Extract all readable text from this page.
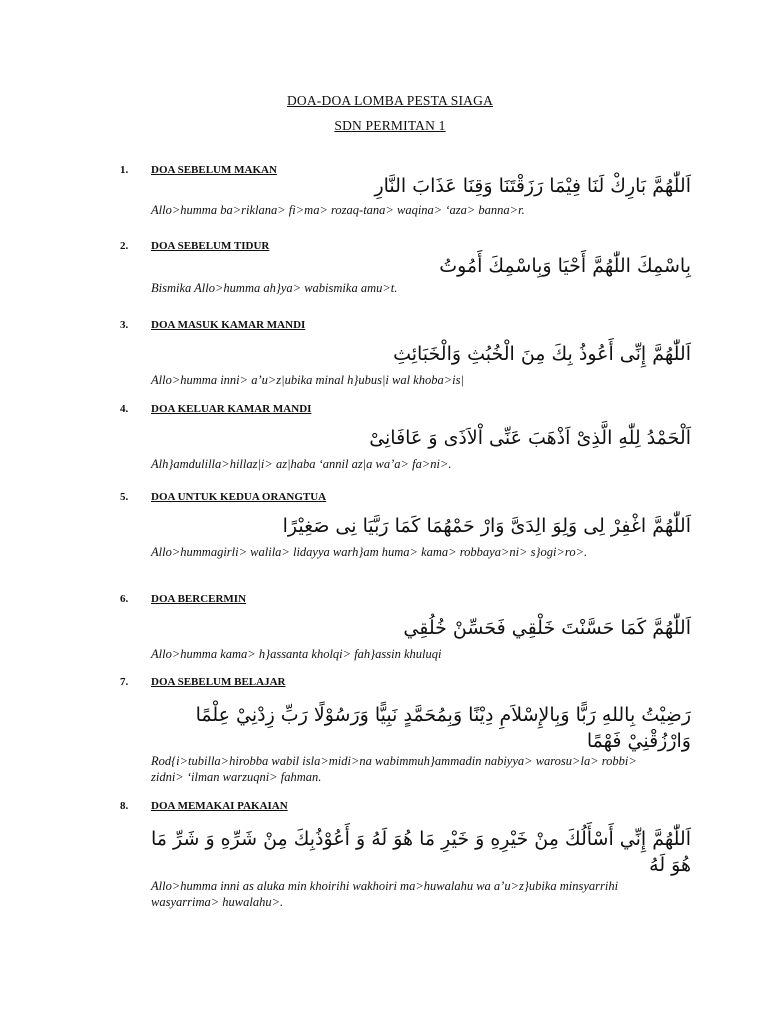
DOA-DOA LOMBA PESTA SIAGA
SDN PERMITAN 1
1. DOA SEBELUM MAKAN
اَللّٰهُمَّ بَارِكْ لَنَا فِيْمَا رَزَقْتَنَا وَقِنَا عَذَابَ النَّارِ
Allo>humma ba>riklana> fi>ma> rozaq-tana> waqina> ‘aza> banna>r.
2. DOA SEBELUM TIDUR
بِاسْمِكَ اللّٰهُمَّ أَحْيَا وَبِاسْمِكَ أَمُوتُ
Bismika Allo>humma ah}ya> wabismika amu>t.
3. DOA MASUK KAMAR MANDI
اَللّٰهُمَّ إِنِّى أَعُوذُ بِكَ مِنَ الْخُبُثِ وَالْخَبَائِثِ
Allo>humma inni> a’u>z|ubika minal h}ubus|i wal khoba>is|
4. DOA KELUAR KAMAR MANDI
اَلْحَمْدُ لِلّٰهِ الَّذِىْ اَذْهَبَ عَنِّى اْلاَذَى وَ عَافَانِىْ
Alh}amdulilla>hillaz|i> az|haba ‘annil az|a wa’a> fa>ni>.
5. DOA UNTUK KEDUA ORANGTUA
اَللّٰهُمَّ اغْفِرْ لِى وَلِوَ الِدَىَّ وَارْ حَمْهُمَا كَمَا رَبَّيَا نِى صَغِيْرًا
Allo>hummagirli> walila> lidayya warh}am huma> kama> robbaya>ni> s}ogi>ro>.
6. DOA BERCERMIN
اَللّٰهُمَّ كَمَا حَسَّنْتَ خَلْقِي فَحَسِّنْ خُلُقِي
Allo>humma kama> h}assanta kholqi> fah}assin khuluqi
7. DOA SEBELUM BELAJAR
رَضِيْتُ بِاللهِ رَبًّا وَبِالإِسْلاَمِ دِيْنًا وَبِمُحَمَّدٍ نَبِيًّا وَرَسُوْلًا رَبِّ زِدْنِيْ عِلْمًا وَارْزُقْنِيْ فَهْمًا
Rod{i>tubilla>hirobba wabil isla>midi>na wabimmuh}ammadin nabiyya> warosu>la> robbi> zidni> ‘ilman warzuqni> fahman.
8. DOA MEMAKAI PAKAIAN
اَللّٰهُمَّ إِنِّي أَسْأَلُكَ مِنْ خَيْرِهِ وَ خَيْرِ مَا هُوَ لَهُ وَ أَعُوْذُبِكَ مِنْ شَرِّهِ وَ شَرِّ مَا هُوَ لَهُ
Allo>humma inni as aluka min khoirihi wakhoiri ma>huwalahu wa a’u>z}ubika minsyarrihi wasyarrima> huwalahu>.
